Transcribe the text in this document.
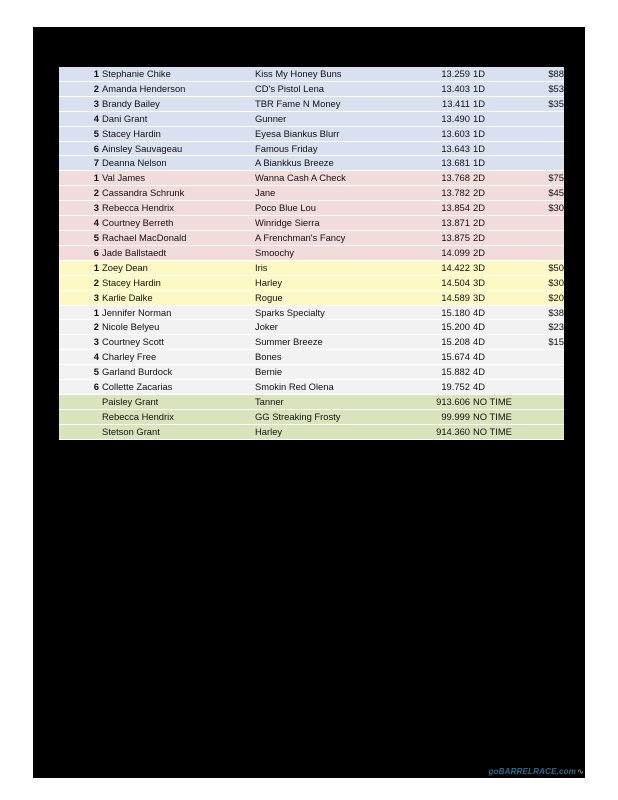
1	Stephanie Chike	Kiss My Honey Buns	13.259	1D	$88
2	Amanda Henderson	CD's Pistol Lena	13.403	1D	$53
3	Brandy Bailey	TBR Fame N Money	13.411	1D	$35
4	Dani Grant	Gunner	13.490	1D	
5	Stacey Hardin	Eyesa Biankus Blurr	13.603	1D	
6	Ainsley Sauvageau	Famous Friday	13.643	1D	
7	Deanna Nelson	A Biankkus Breeze	13.681	1D	
1	Val James	Wanna Cash A Check	13.768	2D	$75
2	Cassandra Schrunk	Jane	13.782	2D	$45
3	Rebecca Hendrix	Poco Blue Lou	13.854	2D	$30
4	Courtney Berreth	Winridge Sierra	13.871	2D	
5	Rachael MacDonald	A Frenchman's Fancy	13.875	2D	
6	Jade Ballstaedt	Smoochy	14.099	2D	
1	Zoey Dean	Iris	14.422	3D	$50
2	Stacey Hardin	Harley	14.504	3D	$30
3	Karlie Dalke	Rogue	14.589	3D	$20
1	Jennifer Norman	Sparks Specialty	15.180	4D	$38
2	Nicole Belyeu	Joker	15.200	4D	$23
3	Courtney Scott	Summer Breeze	15.208	4D	$15
4	Charley Free	Bones	15.674	4D	
5	Garland Burdock	Bernie	15.882	4D	
6	Collette Zacarias	Smokin Red Olena	19.752	4D	
	Paisley Grant	Tanner	913.606	NO TIME	
	Rebecca Hendrix	GG Streaking Frosty	99.999	NO TIME	
	Stetson Grant	Harley	914.360	NO TIME	
goBARRELRACE.com∿
